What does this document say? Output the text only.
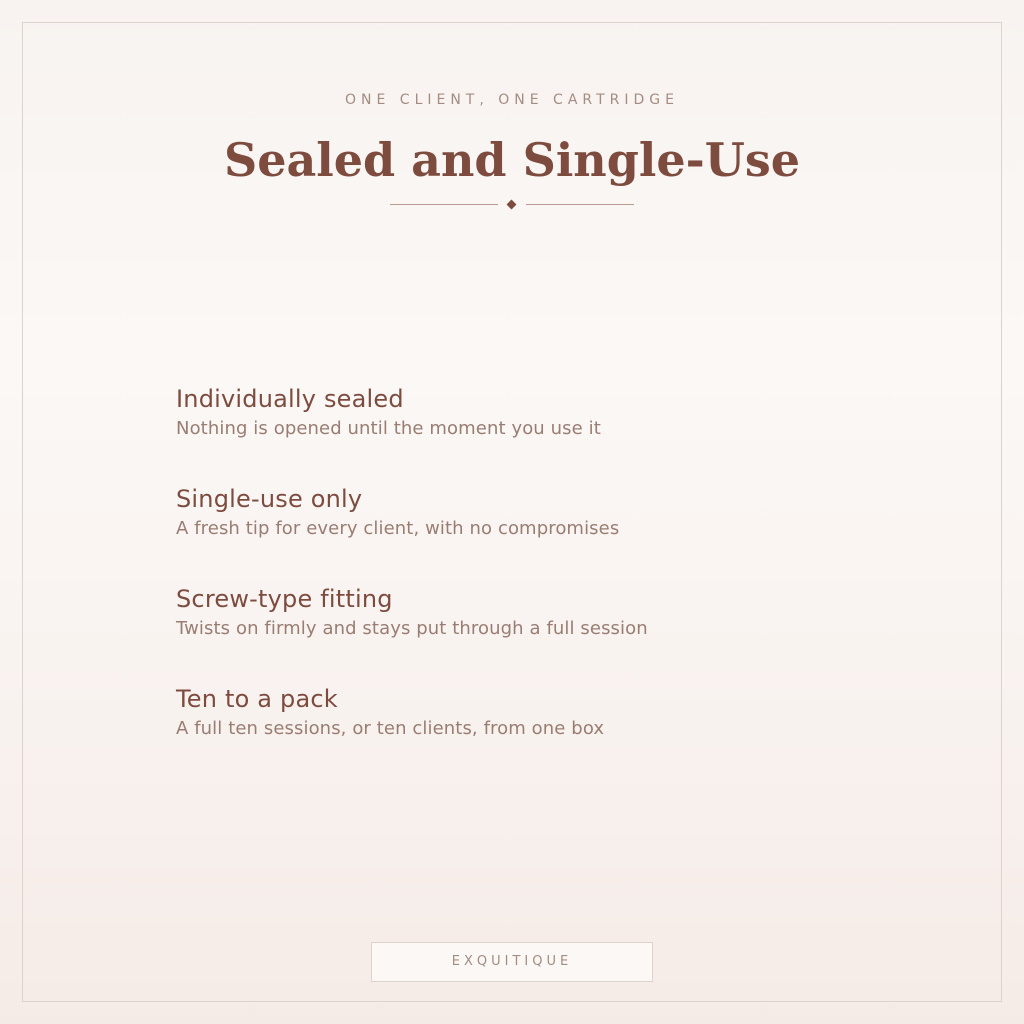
ONE CLIENT, ONE CARTRIDGE
Sealed and Single-Use
Individually sealed
Nothing is opened until the moment you use it
Single-use only
A fresh tip for every client, with no compromises
Screw-type fitting
Twists on firmly and stays put through a full session
Ten to a pack
A full ten sessions, or ten clients, from one box
EXQUITIQUE
